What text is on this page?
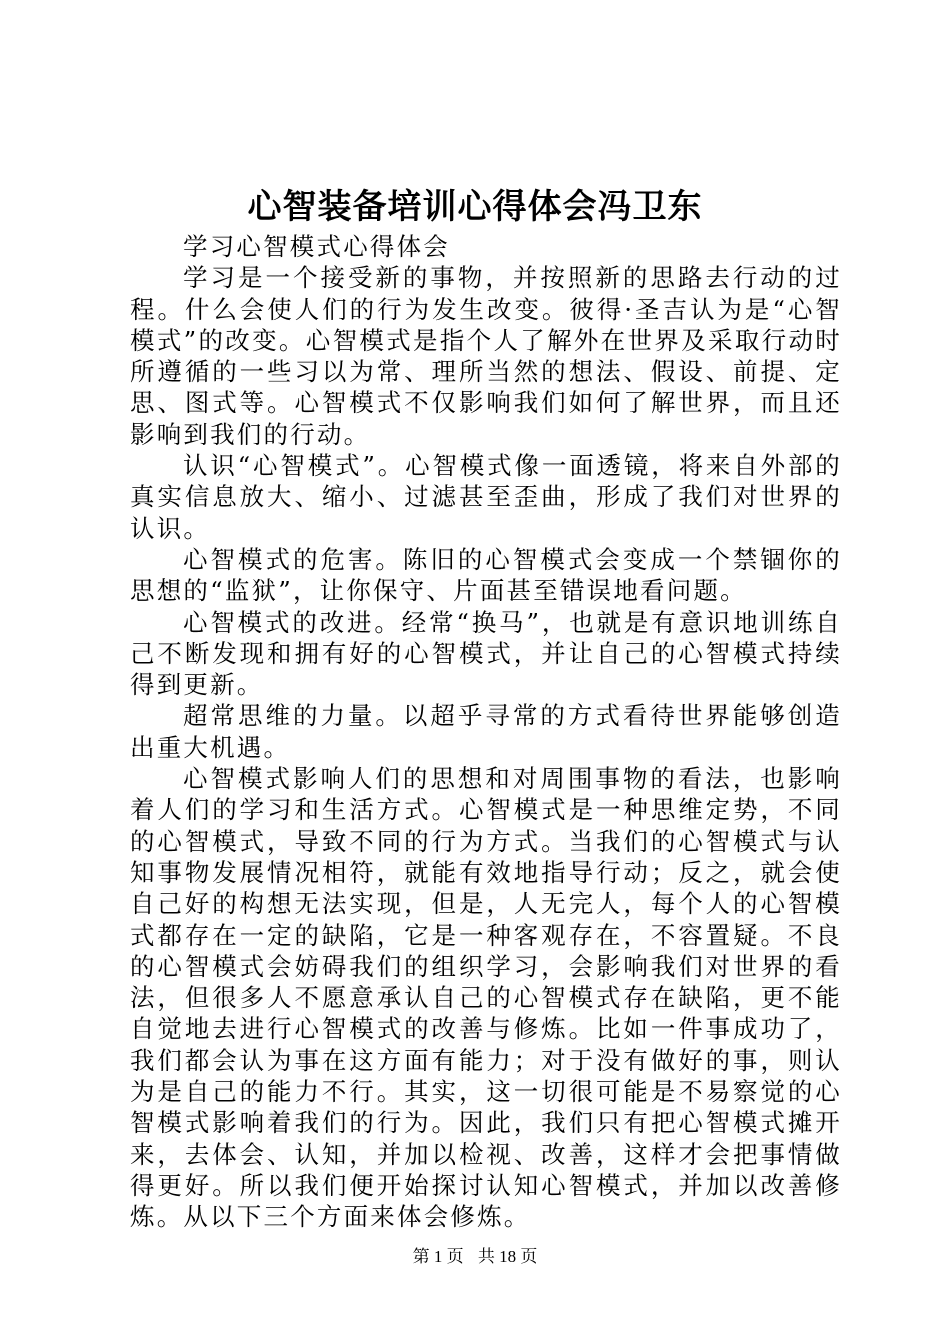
心智装备培训心得体会冯卫东

学习心智模式心得体会

学习是一个接受新的事物，并按照新的思路去行动的过程。什么会使人们的行为发生改变。彼得·圣吉认为是“心智模式”的改变。心智模式是指个人了解外在世界及采取行动时所遵循的一些习以为常、理所当然的想法、假设、前提、定思、图式等。心智模式不仅影响我们如何了解世界，而且还影响到我们的行动。

认识“心智模式”。心智模式像一面透镜，将来自外部的真实信息放大、缩小、过滤甚至歪曲，形成了我们对世界的认识。

心智模式的危害。陈旧的心智模式会变成一个禁锢你的思想的“监狱”，让你保守、片面甚至错误地看问题。

心智模式的改进。经常“换马”，也就是有意识地训练自己不断发现和拥有好的心智模式，并让自己的心智模式持续得到更新。

超常思维的力量。以超乎寻常的方式看待世界能够创造出重大机遇。

心智模式影响人们的思想和对周围事物的看法，也影响着人们的学习和生活方式。心智模式是一种思维定势，不同的心智模式，导致不同的行为方式。当我们的心智模式与认知事物发展情况相符，就能有效地指导行动；反之，就会使自己好的构想无法实现，但是，人无完人，每个人的心智模式都存在一定的缺陷，它是一种客观存在，不容置疑。不良的心智模式会妨碍我们的组织学习，会影响我们对世界的看法，但很多人不愿意承认自己的心智模式存在缺陷，更不能自觉地去进行心智模式的改善与修炼。比如一件事成功了，我们都会认为事在这方面有能力；对于没有做好的事，则认为是自己的能力不行。其实，这一切很可能是不易察觉的心智模式影响着我们的行为。因此，我们只有把心智模式摊开来，去体会、认知，并加以检视、改善，这样才会把事情做得更好。所以我们便开始探讨认知心智模式，并加以改善修炼。从以下三个方面来体会修炼。

第 1 页 共 18 页
